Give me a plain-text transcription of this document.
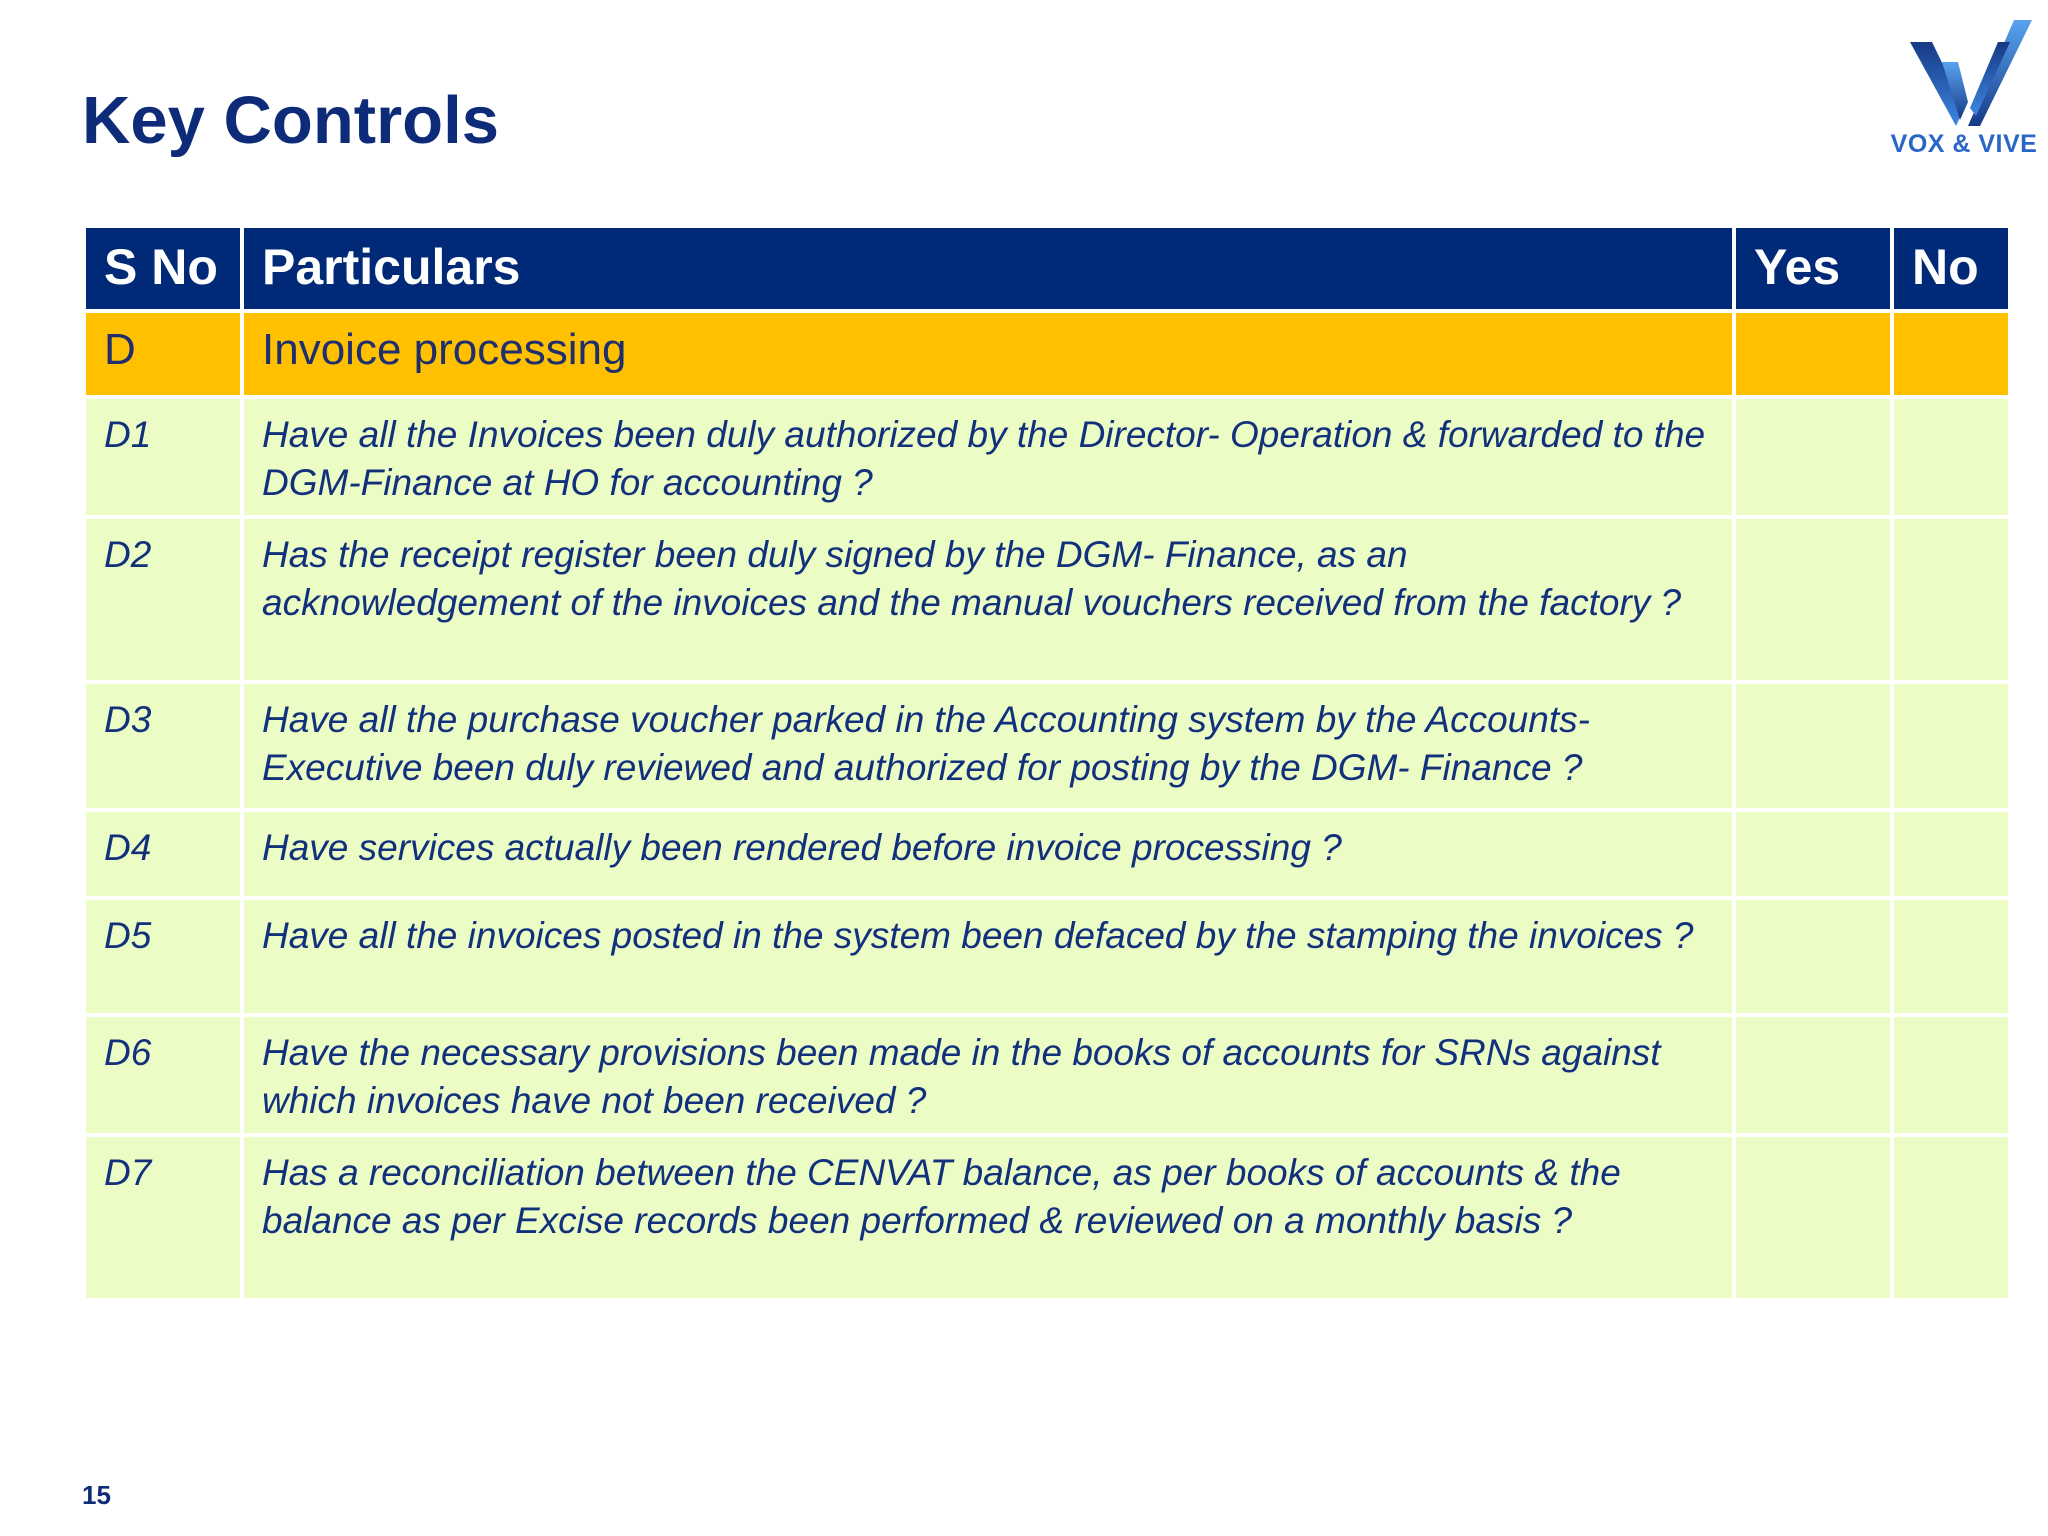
Key Controls	VOX & VIVE
S No	Particulars	Yes	No
D	Invoice processing		
D1	Have all the Invoices been duly authorized by the Director- Operation & forwarded to the DGM-Finance at HO for accounting ?		
D2	Has the receipt register been duly signed by the DGM- Finance, as an acknowledgement of the invoices and the manual vouchers received from the factory ?		
D3	Have all the purchase voucher parked in the Accounting system by the Accounts-Executive been duly reviewed and authorized for posting by the DGM- Finance ?		
D4	Have services actually been rendered before invoice processing ?		
D5	Have all the invoices posted in the system been defaced by the stamping the invoices ?		
D6	Have the necessary provisions been made in the books of accounts for SRNs against which invoices have not been received ?		
D7	Has a reconciliation between the CENVAT balance, as per books of accounts & the balance as per Excise records been performed & reviewed on a monthly basis ?		
15
